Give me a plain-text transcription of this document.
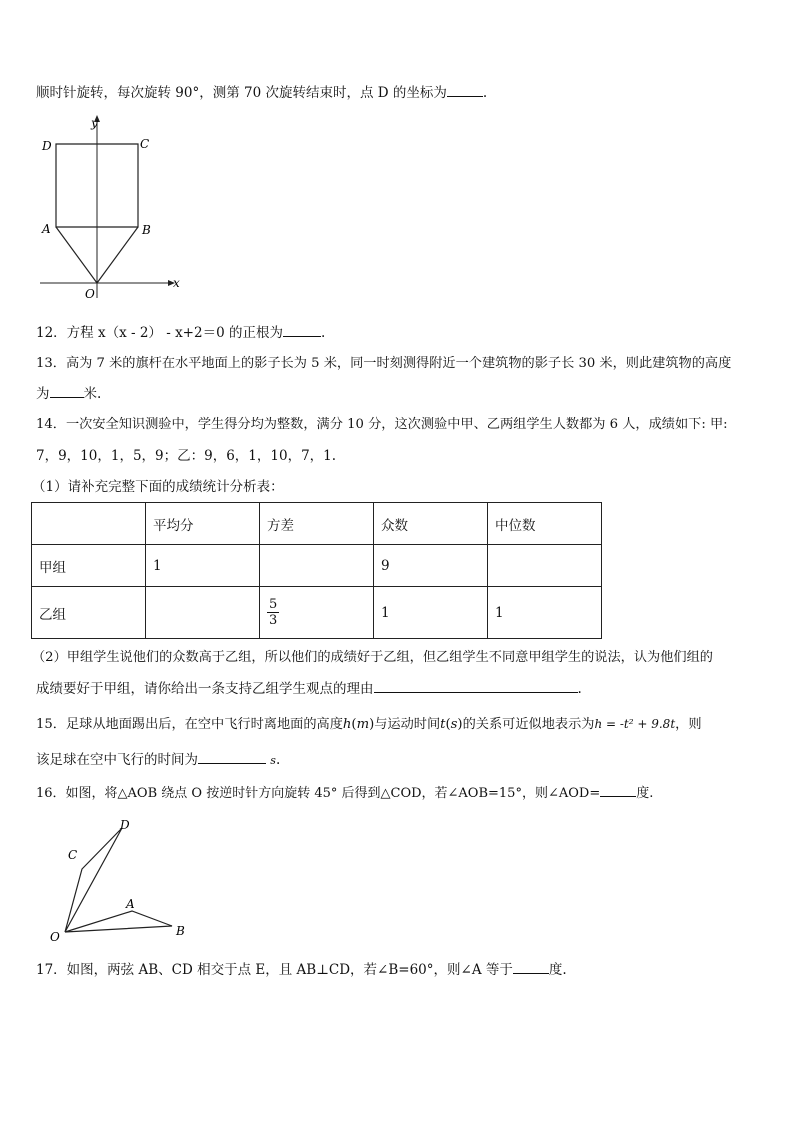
顺时针旋转，每次旋转 90°，测第 70 次旋转结束时，点 D 的坐标为	.
y
x
D	C
A	B
O
12．方程 x（x - 2） - x+2＝0 的正根为	.
13．高为 7 米的旗杆在水平地面上的影子长为 5 米，同一时刻测得附近一个建筑物的影子长 30 米，则此建筑物的高度
为	米.
14．一次安全知识测验中，学生得分均为整数，满分 10 分，这次测验中甲、乙两组学生人数都为 6 人，成绩如下: 甲:
7，9，10，1，5，9；乙：9，6，1，10，7，1.
（1）请补充完整下面的成绩统计分析表：
	平均分	方差	众数	中位数
甲组	1		9	
乙组		$\frac{5}{3}$	1	1
（2）甲组学生说他们的众数高于乙组，所以他们的成绩好于乙组，但乙组学生不同意甲组学生的说法，认为他们组的
成绩要好于甲组，请你给出一条支持乙组学生观点的理由	.
15．足球从地面踢出后，在空中飞行时离地面的高度h(m)与运动时间t(s)的关系可近似地表示为h = -t² + 9.8t，则
该足球在空中飞行的时间为	s.
16．如图，将△AOB 绕点 O 按逆时针方向旋转 45° 后得到△COD，若∠AOB=15°，则∠AOD=	度.
D
C
A
O	B
17．如图，两弦 AB、CD 相交于点 E，且 AB⊥CD，若∠B=60°，则∠A 等于	度.
